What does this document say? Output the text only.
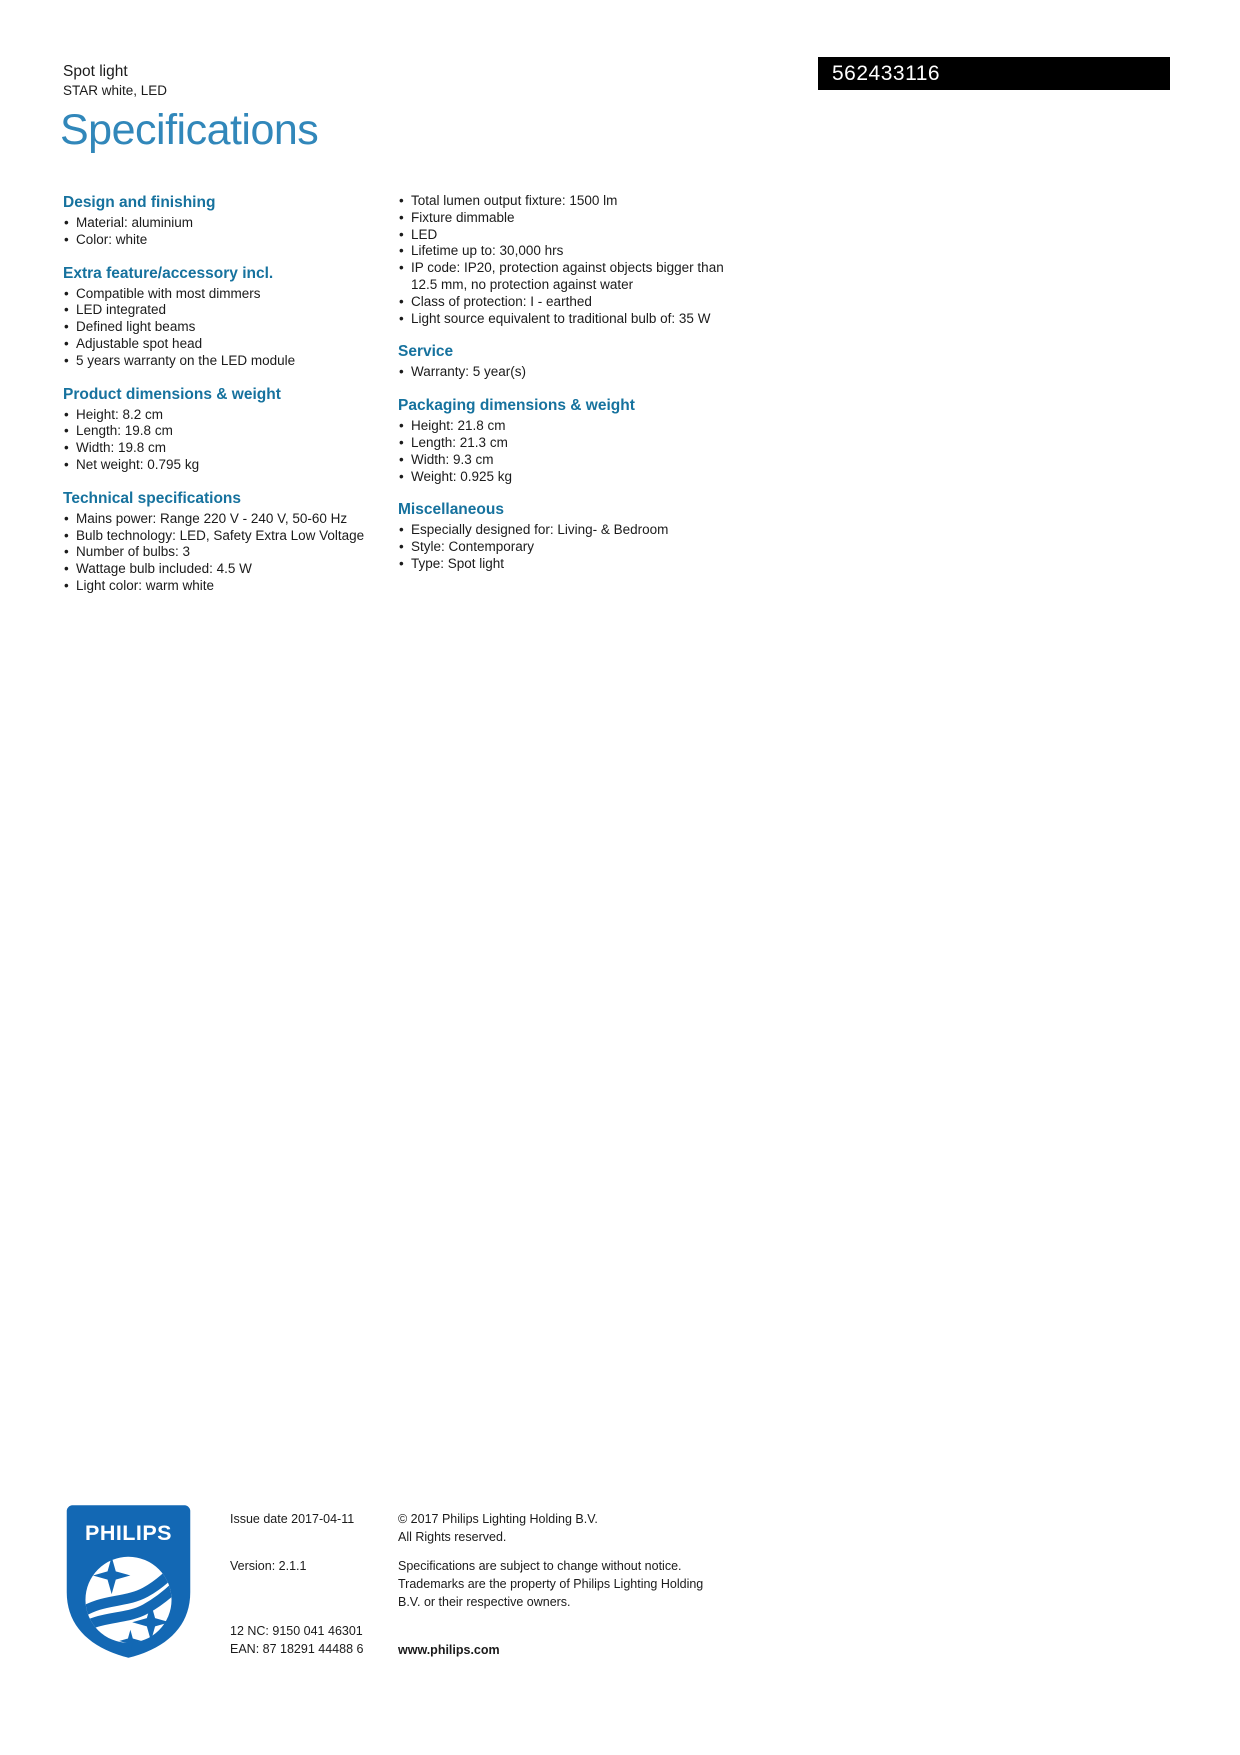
Spot light
STAR white, LED
562433116
Specifications
Design and finishing
• Material: aluminium
• Color: white
Extra feature/accessory incl.
• Compatible with most dimmers
• LED integrated
• Defined light beams
• Adjustable spot head
• 5 years warranty on the LED module
Product dimensions & weight
• Height: 8.2 cm
• Length: 19.8 cm
• Width: 19.8 cm
• Net weight: 0.795 kg
Technical specifications
• Mains power: Range 220 V - 240 V, 50-60 Hz
• Bulb technology: LED, Safety Extra Low Voltage
• Number of bulbs: 3
• Wattage bulb included: 4.5 W
• Light color: warm white
• Total lumen output fixture: 1500 lm
• Fixture dimmable
• LED
• Lifetime up to: 30,000 hrs
• IP code: IP20, protection against objects bigger than 12.5 mm, no protection against water
• Class of protection: I - earthed
• Light source equivalent to traditional bulb of: 35 W
Service
• Warranty: 5 year(s)
Packaging dimensions & weight
• Height: 21.8 cm
• Length: 21.3 cm
• Width: 9.3 cm
• Weight: 0.925 kg
Miscellaneous
• Especially designed for: Living- & Bedroom
• Style: Contemporary
• Type: Spot light
PHILIPS
Issue date 2017-04-11
Version: 2.1.1
12 NC: 9150 041 46301
EAN: 87 18291 44488 6
© 2017 Philips Lighting Holding B.V.
All Rights reserved.
Specifications are subject to change without notice. Trademarks are the property of Philips Lighting Holding B.V. or their respective owners.
www.philips.com
